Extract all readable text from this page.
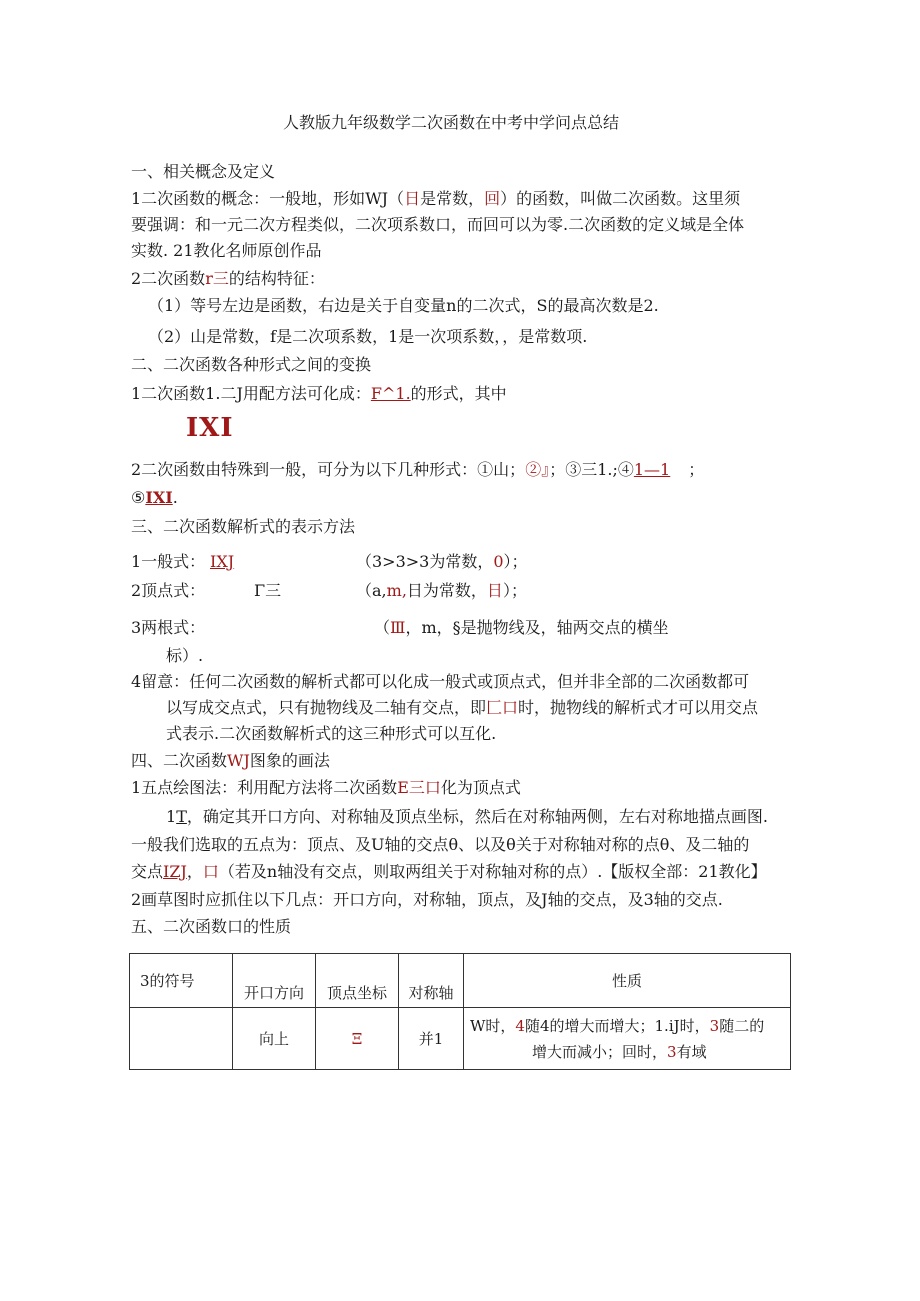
人教版九年级数学二次函数在中考中学问点总结
一、相关概念及定义
1二次函数的概念：一般地，形如WJ（日是常数，回）的函数，叫做二次函数。这里须
要强调：和一元二次方程类似，二次项系数口，而回可以为零.二次函数的定义域是全体
实数. 21教化名师原创作品
2二次函数r三的结构特征：
（1）等号左边是函数，右边是关于自变量n的二次式，S的最高次数是2.
（2）山是常数，f是二次项系数，1是一次项系数，，是常数项.
二、二次函数各种形式之间的变换
1二次函数1.二J用配方法可化成：F^1.的形式，其中
IXI
2二次函数由特殊到一般，可分为以下几种形式：①山；②』；③三1.;④1—1 ；
⑤IXI.
三、二次函数解析式的表示方法
1一般式： IXJ	（3>3>3为常数，0）；
2顶点式：	Γ三	（a,m,日为常数，日）；
3两根式：	（Ⅲ，m，§是抛物线及，轴两交点的横坐
标）.
4留意：任何二次函数的解析式都可以化成一般式或顶点式，但并非全部的二次函数都可
以写成交点式，只有抛物线及二轴有交点，即匚口时，抛物线的解析式才可以用交点
式表示.二次函数解析式的这三种形式可以互化.
四、二次函数WJ图象的画法
1五点绘图法：利用配方法将二次函数E三口化为顶点式
1T，确定其开口方向、对称轴及顶点坐标，然后在对称轴两侧，左右对称地描点画图.
一般我们选取的五点为：顶点、及U轴的交点θ、以及θ关于对称轴对称的点θ、及二轴的
交点IZJ，口（若及n轴没有交点，则取两组关于对称轴对称的点）.【版权全部：21教化】
2画草图时应抓住以下几点：开口方向，对称轴，顶点，及J轴的交点，及3轴的交点.
五、二次函数口的性质
3的符号	开口方向	顶点坐标	对称轴	性质
	向上	Ξ	并1	W时，4随4的增大而增大；1.iJ时，3随二的
增大而减小；回时，3有域
